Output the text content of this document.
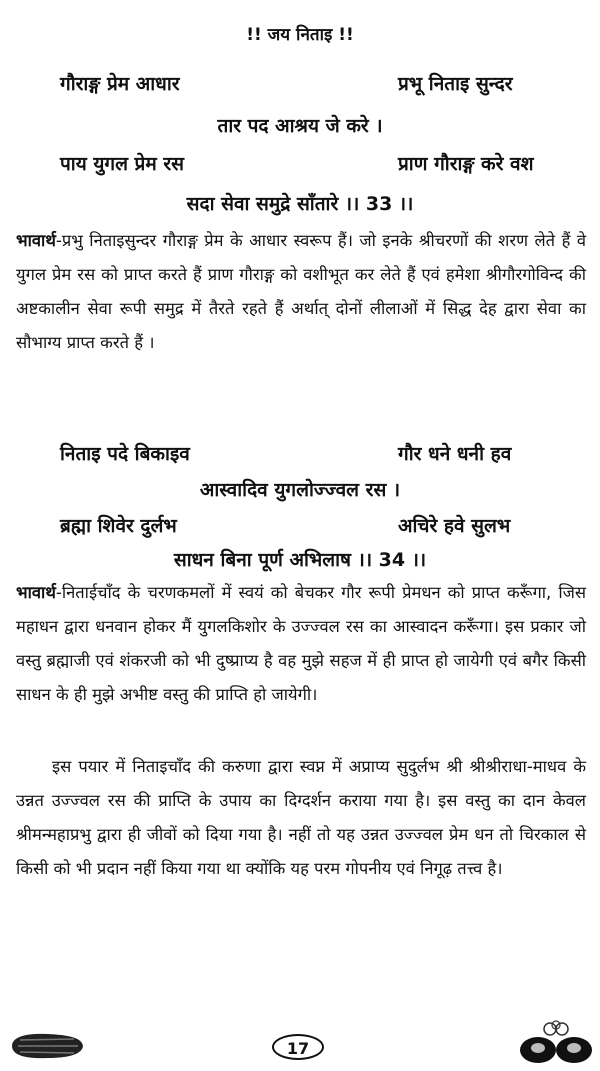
!! जय निताइ !!
गौराङ्ग प्रेम आधार	प्रभू निताइ सुन्दर
तार पद आश्रय जे करे ।
पाय युगल प्रेम रस	प्राण गौराङ्ग करे वश
सदा सेवा समुद्रे साँतारे ।। 33 ।।

भावार्थ-प्रभु निताइसुन्दर गौराङ्ग प्रेम के आधार स्वरूप हैं। जो इनके श्रीचरणों की शरण लेते हैं वे युगल प्रेम रस को प्राप्त करते हैं प्राण गौराङ्ग को वशीभूत कर लेते हैं एवं हमेशा श्रीगौरगोविन्द की अष्टकालीन सेवा रूपी समुद्र में तैरते रहते हैं अर्थात् दोनों लीलाओं में सिद्ध देह द्वारा सेवा का सौभाग्य प्राप्त करते हैं ।

निताइ पदे बिकाइव	गौर धने धनी हव
आस्वादिव युगलोज्ज्वल रस ।
ब्रह्मा शिवेर दुर्लभ	अचिरे हवे सुलभ
साधन बिना पूर्ण अभिलाष ।। 34 ।।

भावार्थ-निताईचाँद के चरणकमलों में स्वयं को बेचकर गौर रूपी प्रेमधन को प्राप्त करूँगा, जिस महाधन द्वारा धनवान होकर मैं युगलकिशोर के उज्ज्वल रस का आस्वादन करूँगा। इस प्रकार जो वस्तु ब्रह्माजी एवं शंकरजी को भी दुष्प्राप्य है वह मुझे सहज में ही प्राप्त हो जायेगी एवं बगैर किसी साधन के ही मुझे अभीष्ट वस्तु की प्राप्ति हो जायेगी।

इस पयार में निताइचाँद की करुणा द्वारा स्वप्न में अप्राप्य सुदुर्लभ श्री श्रीश्रीराधा-माधव के उन्नत उज्ज्वल रस की प्राप्ति के उपाय का दिग्दर्शन कराया गया है। इस वस्तु का दान केवल श्रीमन्महाप्रभु द्वारा ही जीवों को दिया गया है। नहीं तो यह उन्नत उज्ज्वल प्रेम धन तो चिरकाल से किसी को भी प्रदान नहीं किया गया था क्योंकि यह परम गोपनीय एवं निगूढ़ तत्त्व है।

17
